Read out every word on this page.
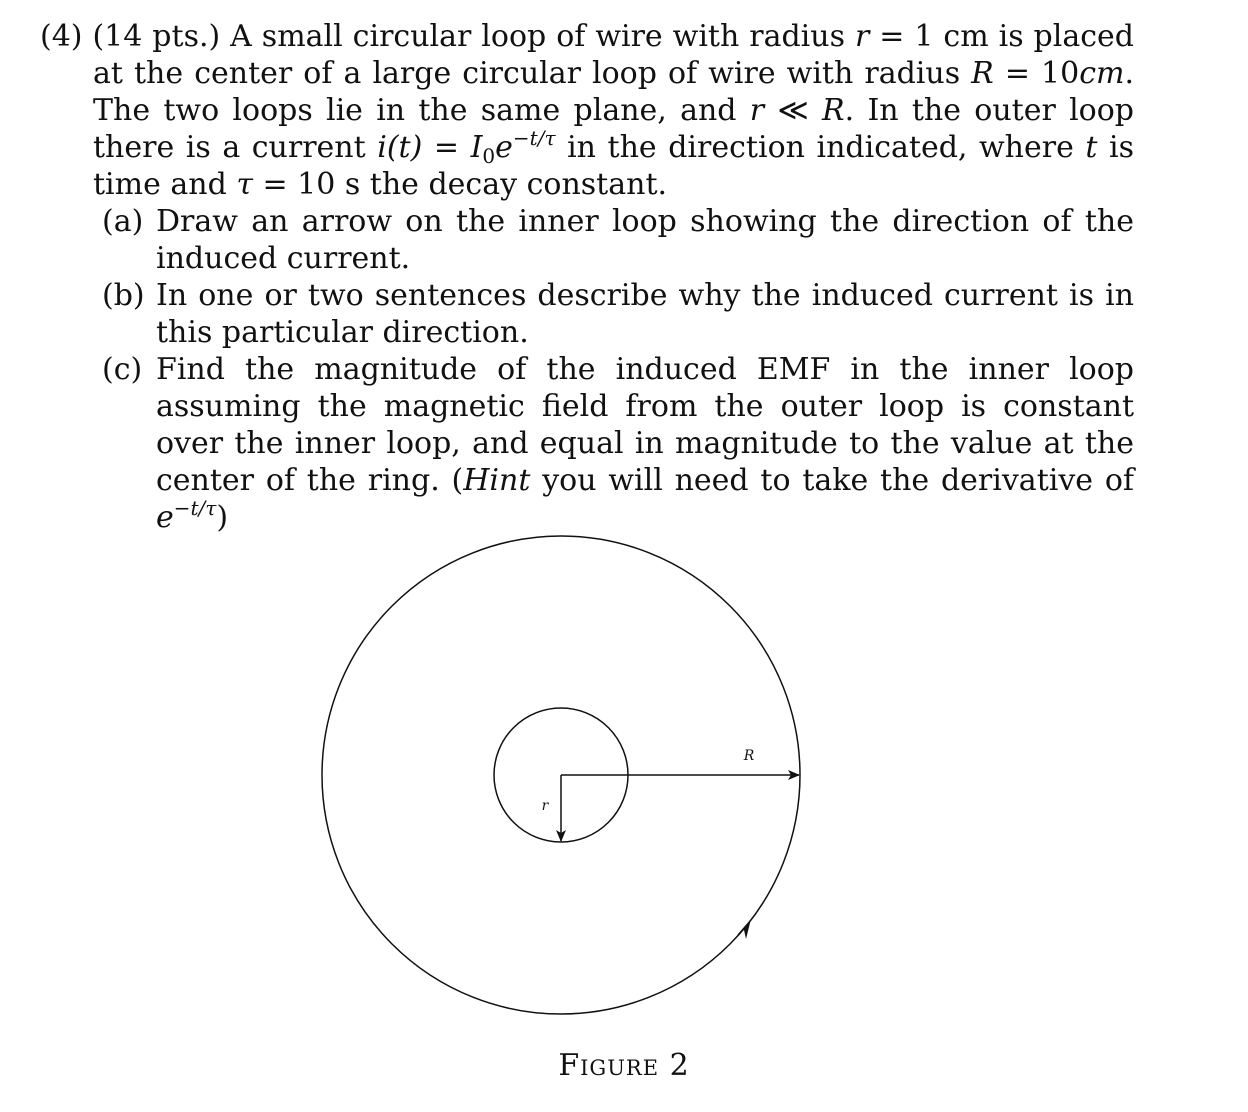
(4) (14 pts.) A small circular loop of wire with radius r = 1 cm is placed at the center of a large circular loop of wire with radius R = 10cm. The two loops lie in the same plane, and r ≪ R. In the outer loop there is a current $i(t) = I_0e^{-t/\tau}$ in the direction indicated, where t is time and τ = 10 s the decay constant.

(a) Draw an arrow on the inner loop showing the direction of the induced current.
(b) In one or two sentences describe why the induced current is in this particular direction.
(c) Find the magnitude of the induced EMF in the inner loop assuming the magnetic field from the outer loop is constant over the inner loop, and equal in magnitude to the value at the center of the ring. (Hint you will need to take the derivative of $e^{-t/\tau}$)
R
r
Figure 2
